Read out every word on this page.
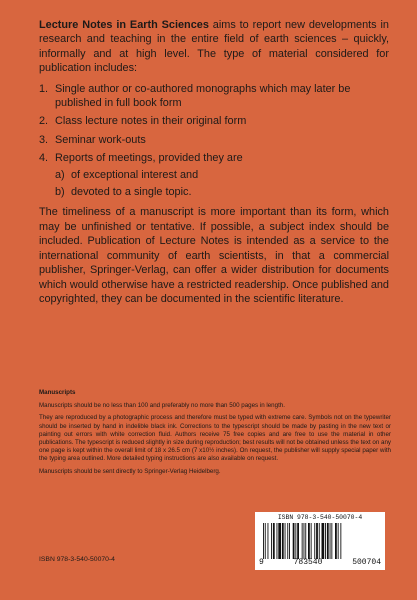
Lecture Notes in Earth Sciences aims to report new developments in research and teaching in the entire field of earth sciences – quickly, informally and at high level. The type of material considered for publication includes:

1. Single author or co-authored monographs which may later be published in full book form
2. Class lecture notes in their original form
3. Seminar work-outs
4. Reports of meetings, provided they are
a) of exceptional interest and
b) devoted to a single topic.

The timeliness of a manuscript is more important than its form, which may be unfinished or tentative. If possible, a subject index should be included. Publication of Lecture Notes is intended as a service to the international community of earth scientists, in that a commercial publisher, Springer-Verlag, can offer a wider distribution for documents which would otherwise have a restricted readership. Once published and copyrighted, they can be documented in the scientific literature.

Manuscripts

Manuscripts should be no less than 100 and preferably no more than 500 pages in length.

They are reproduced by a photographic process and therefore must be typed with extreme care. Symbols not on the typewriter should be inserted by hand in indelible black ink. Corrections to the typescript should be made by pasting in the new text or painting out errors with white correction fluid. Authors receive 75 free copies and are free to use the material in other publications. The typescript is reduced slightly in size during reproduction; best results will not be obtained unless the text on any one page is kept within the overall limit of 18 x 26.5 cm (7 x10½ inches). On request, the publisher will supply special paper with the typing area outlined. More detailed typing instructions are also available on request.

Manuscripts should be sent directly to Springer-Verlag Heidelberg.

ISBN 978-3-540-50070-4
9	783540	500704
ISBN 978-3-540-50070-4
